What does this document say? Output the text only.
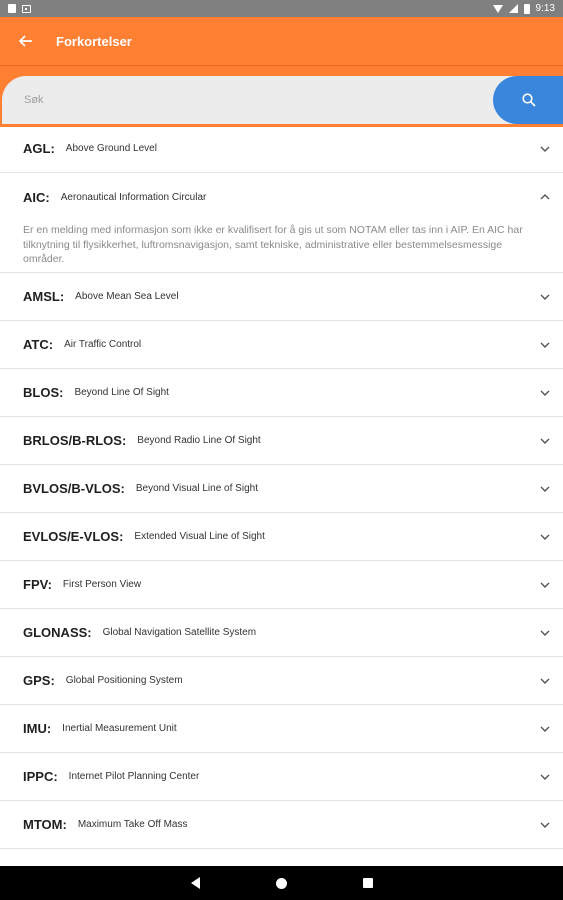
9:13
Forkortelser
Søk
AGL: Above Ground Level
AIC: Aeronautical Information Circular
Er en melding med informasjon som ikke er kvalifisert for å gis ut som NOTAM eller tas inn i AIP. En AIC har tilknytning til flysikkerhet, luftromsnavigasjon, samt tekniske, administrative eller bestemmelsesmessige områder.
AMSL: Above Mean Sea Level
ATC: Air Traffic Control
BLOS: Beyond Line Of Sight
BRLOS/B-RLOS: Beyond Radio Line Of Sight
BVLOS/B-VLOS: Beyond Visual Line of Sight
EVLOS/E-VLOS: Extended Visual Line of Sight
FPV: First Person View
GLONASS: Global Navigation Satellite System
GPS: Global Positioning System
IMU: Inertial Measurement Unit
IPPC: Internet Pilot Planning Center
MTOM: Maximum Take Off Mass
